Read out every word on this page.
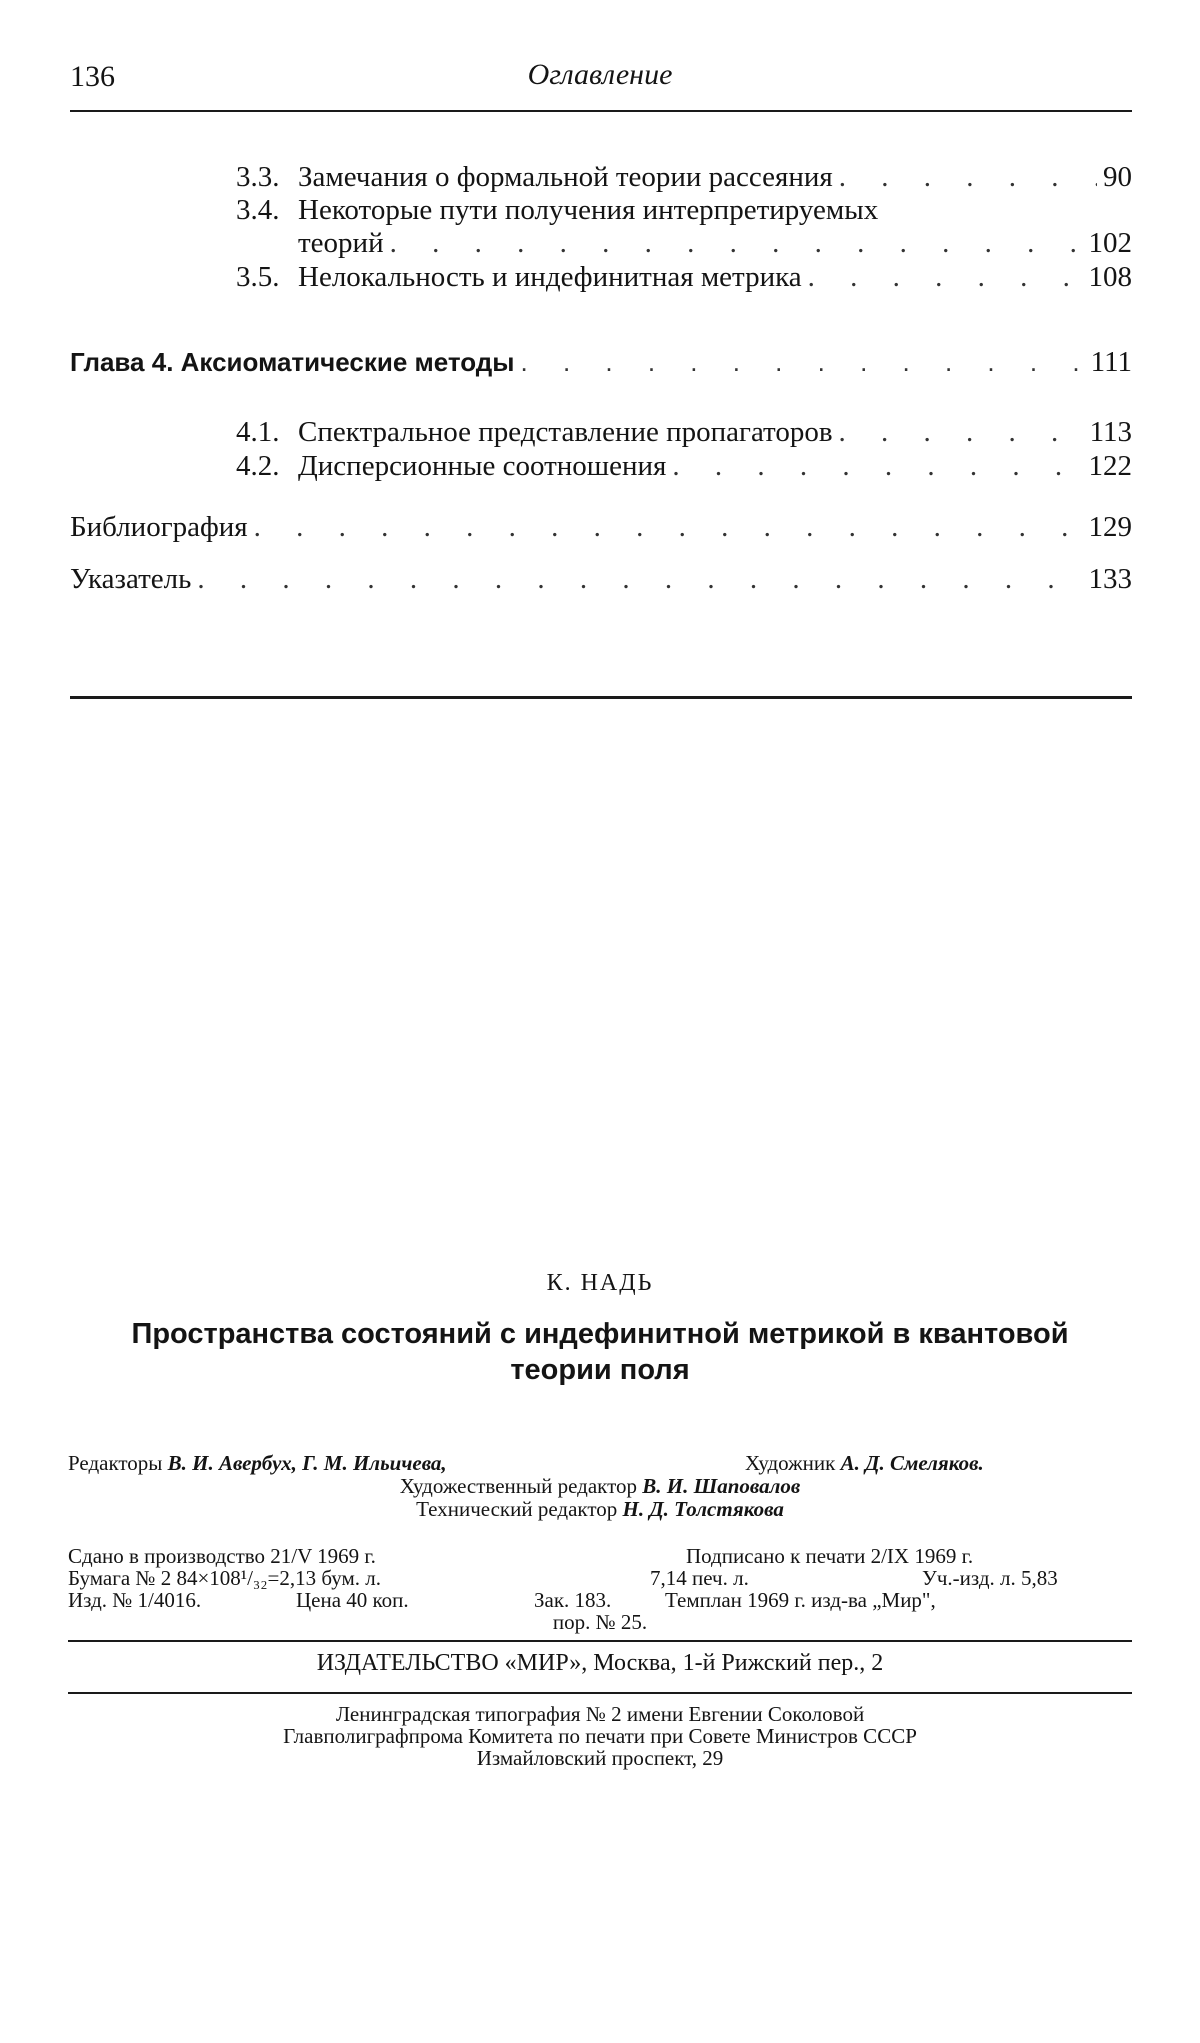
136	Оглавление
3.3. Замечания о формальной теории рассеяния . . .	90
3.4. Некоторые пути получения интерпретируемых
теорий . . .	102
3.5. Нелокальность и индефинитная метрика . . .	108
Глава 4. Аксиоматические методы . . .	111
4.1. Спектральное представление пропагаторов . . .	113
4.2. Дисперсионные соотношения . . .	122
Библиография . . .	129
Указатель . . .	133
К. НАДЬ
Пространства состояний с индефинитной метрикой в квантовой
теории поля
Редакторы В. И. Авербух, Г. М. Ильичева,	Художник А. Д. Смеляков.
Художественный редактор В. И. Шаповалов
Технический редактор Н. Д. Толстякова
Сдано в производство 21/V 1969 г.	Подписано к печати 2/IX 1969 г.
Бумага № 2 84×108¹/₃₂=2,13 бум. л.	7,14 печ. л.	Уч.-изд. л. 5,83
Изд. № 1/4016.	Цена 40 коп.	Зак. 183.	Темплан 1969 г. изд-ва „Мир",
пор. № 25.
ИЗДАТЕЛЬСТВО «МИР», Москва, 1-й Рижский пер., 2
Ленинградская типография № 2 имени Евгении Соколовой
Главполиграфпрома Комитета по печати при Совете Министров СССР
Измайловский проспект, 29
